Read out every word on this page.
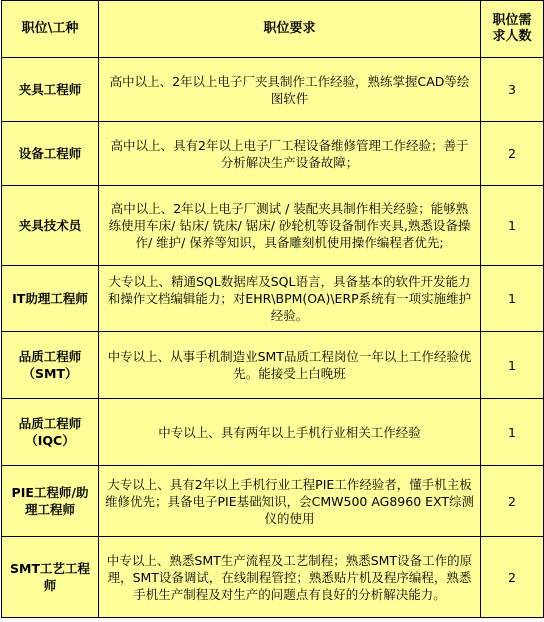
职位\工种	职位要求	职位需求人数
夹具工程师	高中以上、2年以上电子厂夹具制作工作经验，熟练掌握CAD等绘图软件	3
设备工程师	高中以上、具有2年以上电子厂工程设备维修管理工作经验；善于分析解决生产设备故障；	2
夹具技术员	高中以上、2年以上电子厂测试 / 装配夹具制作相关经验；能够熟练使用车床/ 钻床/ 铣床/ 锯床/ 砂轮机等设备制作夹具,熟悉设备操作/ 维护/ 保养等知识，具备雕刻机使用操作编程者优先;	1
IT助理工程师	大专以上、精通SQL数据库及SQL语言，具备基本的软件开发能力和操作文档编辑能力；对EHR\BPM(OA)\ERP系统有一项实施维护经验。	1
品质工程师（SMT）	中专以上、从事手机制造业SMT品质工程岗位一年以上工作经验优先。能接受上白晚班	1
品质工程师（IQC）	中专以上、具有两年以上手机行业相关工作经验	1
PIE工程师/助理工程师	大专以上、具有2年以上手机行业工程PIE工作经验者，懂手机主板维修优先；具备电子PIE基础知识，会CMW500 AG8960 EXT综测仪的使用	2
SMT工艺工程师	中专以上、熟悉SMT生产流程及工艺制程；熟悉SMT设备工作的原理，SMT设备调试，在线制程管控；熟悉贴片机及程序编程，熟悉手机生产制程及对生产的问题点有良好的分析解决能力。	2
